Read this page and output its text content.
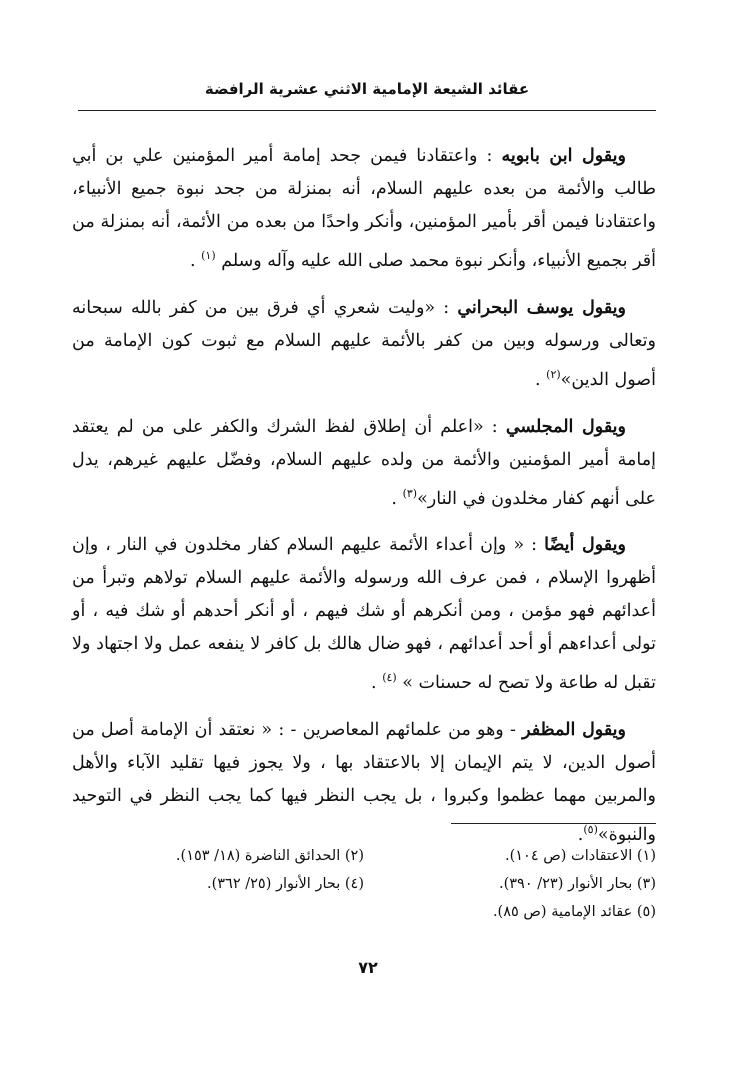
عقائد الشيعة الإمامية الاثني عشرية الرافضة

ويقول ابن بابويه : واعتقادنا فيمن جحد إمامة أمير المؤمنين علي بن أبي طالب والأئمة من بعده عليهم السلام، أنه بمنزلة من جحد نبوة جميع الأنبياء، واعتقادنا فيمن أقر بأمير المؤمنين، وأنكر واحدًا من بعده من الأئمة، أنه بمنزلة من أقر بجميع الأنبياء، وأنكر نبوة محمد صلى الله عليه وآله وسلم $^{(١)}$ .

ويقول يوسف البحراني : «وليت شعري أي فرق بين من كفر بالله سبحانه وتعالى ورسوله وبين من كفر بالأئمة عليهم السلام مع ثبوت كون الإمامة من أصول الدين»$^{(٢)}$ .

ويقول المجلسي : «اعلم أن إطلاق لفظ الشرك والكفر على من لم يعتقد إمامة أمير المؤمنين والأئمة من ولده عليهم السلام، وفضّل عليهم غيرهم، يدل على أنهم كفار مخلدون في النار»$^{(٣)}$ .

ويقول أيضًا : « وإن أعداء الأئمة عليهم السلام كفار مخلدون في النار ، وإن أظهروا الإسلام ، فمن عرف الله ورسوله والأئمة عليهم السلام تولاهم وتبرأ من أعدائهم فهو مؤمن ، ومن أنكرهم أو شك فيهم ، أو أنكر أحدهم أو شك فيه ، أو تولى أعداءهم أو أحد أعدائهم ، فهو ضال هالك بل كافر لا ينفعه عمل ولا اجتهاد ولا تقبل له طاعة ولا تصح له حسنات » $^{(٤)}$ .

ويقول المظفر - وهو من علمائهم المعاصرين - : « نعتقد أن الإمامة أصل من أصول الدين، لا يتم الإيمان إلا بالاعتقاد بها ، ولا يجوز فيها تقليد الآباء والأهل والمربين مهما عظموا وكبروا ، بل يجب النظر فيها كما يجب النظر في التوحيد والنبوة»$^{(٥)}$.

(١) الاعتقادات (ص ١٠٤).
(٢) الحدائق الناضرة (١٨/ ١٥٣).
(٣) بحار الأنوار (٢٣/ ٣٩٠).
(٤) بحار الأنوار (٢٥/ ٣٦٢).
(٥) عقائد الإمامية (ص ٨٥).
٧٢
